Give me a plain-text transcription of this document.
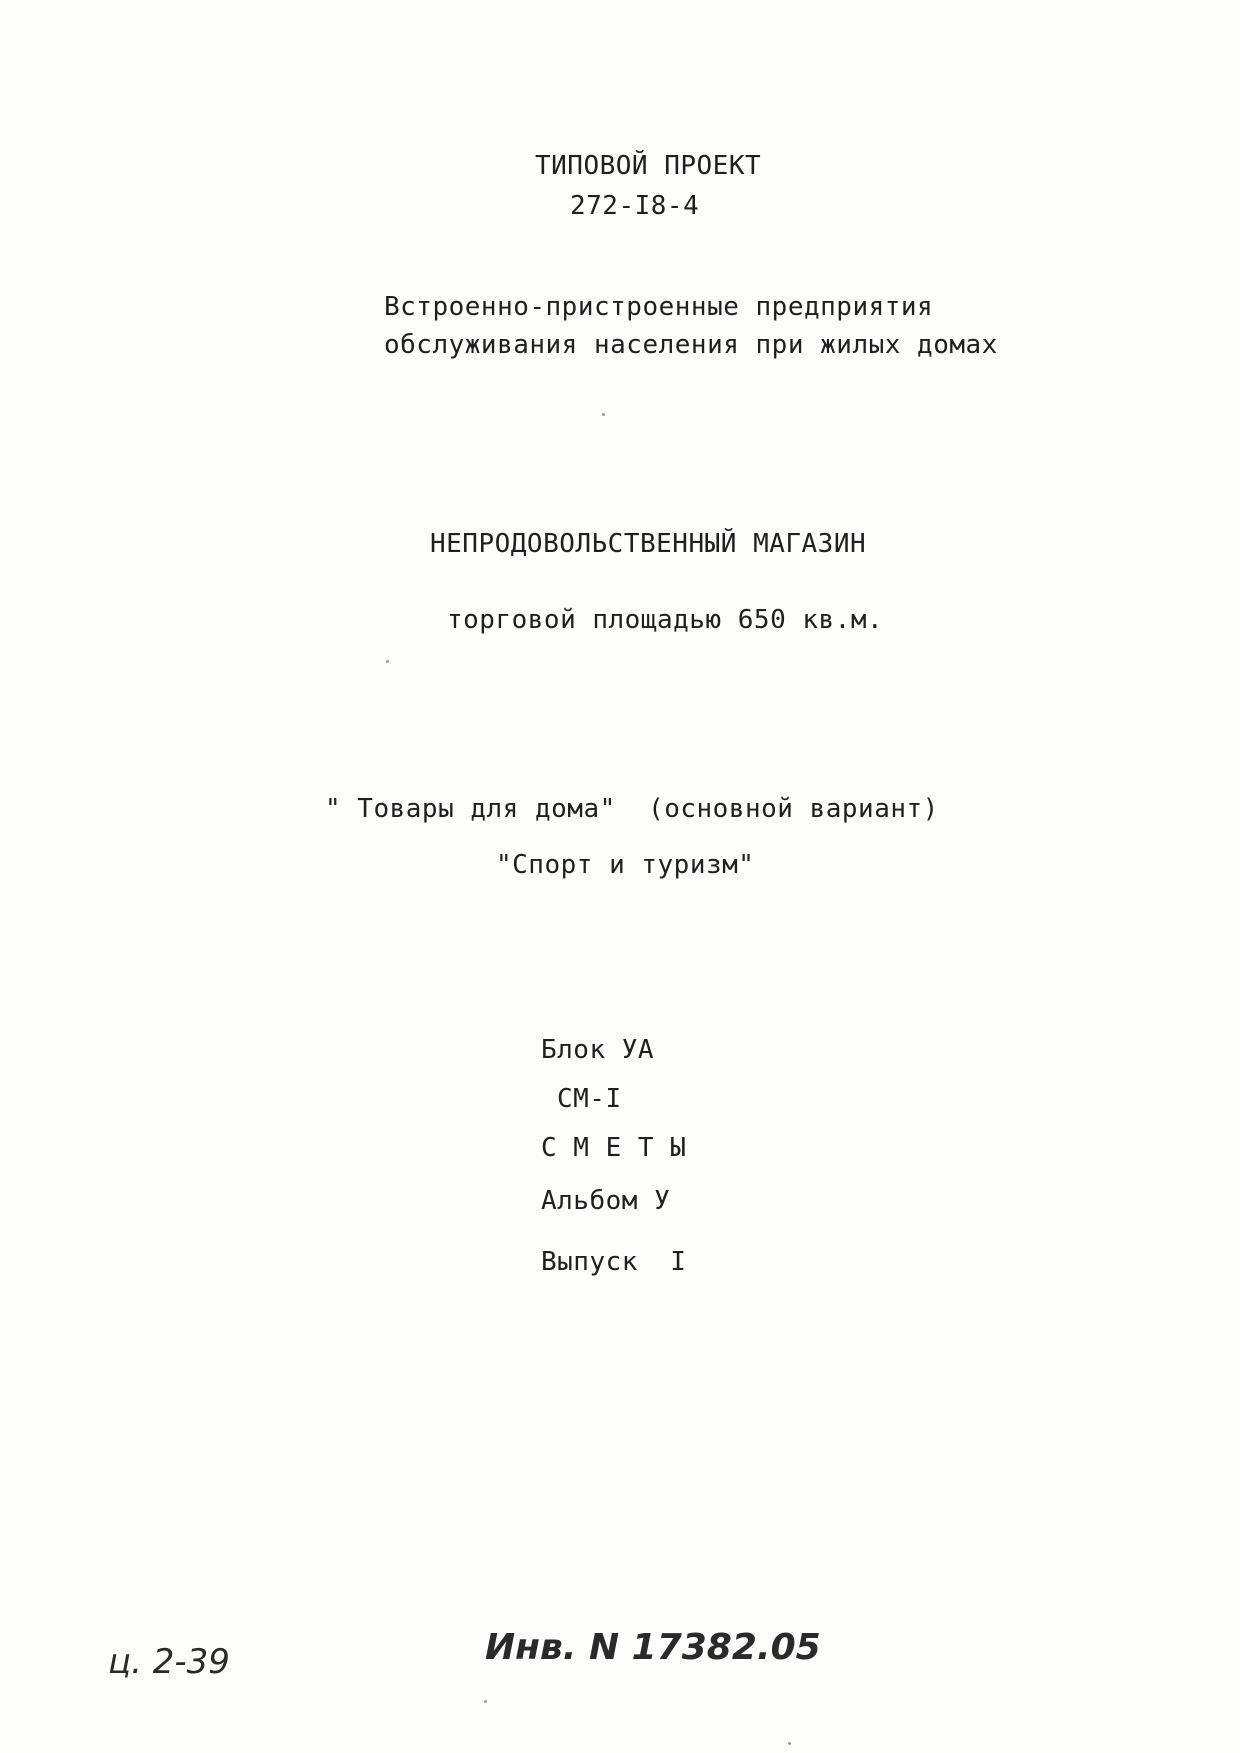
ТИПОВОЙ ПРОЕКТ
272-I8-4
Встроенно-пристроенные предприятия
обслуживания населения при жилых домах
НЕПРОДОВОЛЬСТВЕННЫЙ МАГАЗИН
торговой площадью 650 кв.м.
" Товары для дома"  (основной вариант)
"Спорт и туризм"
Блок УА
СМ-I
С М Е Т Ы
Альбом У
Выпуск  I
ц. 2-39	Инв. N 17382.05
